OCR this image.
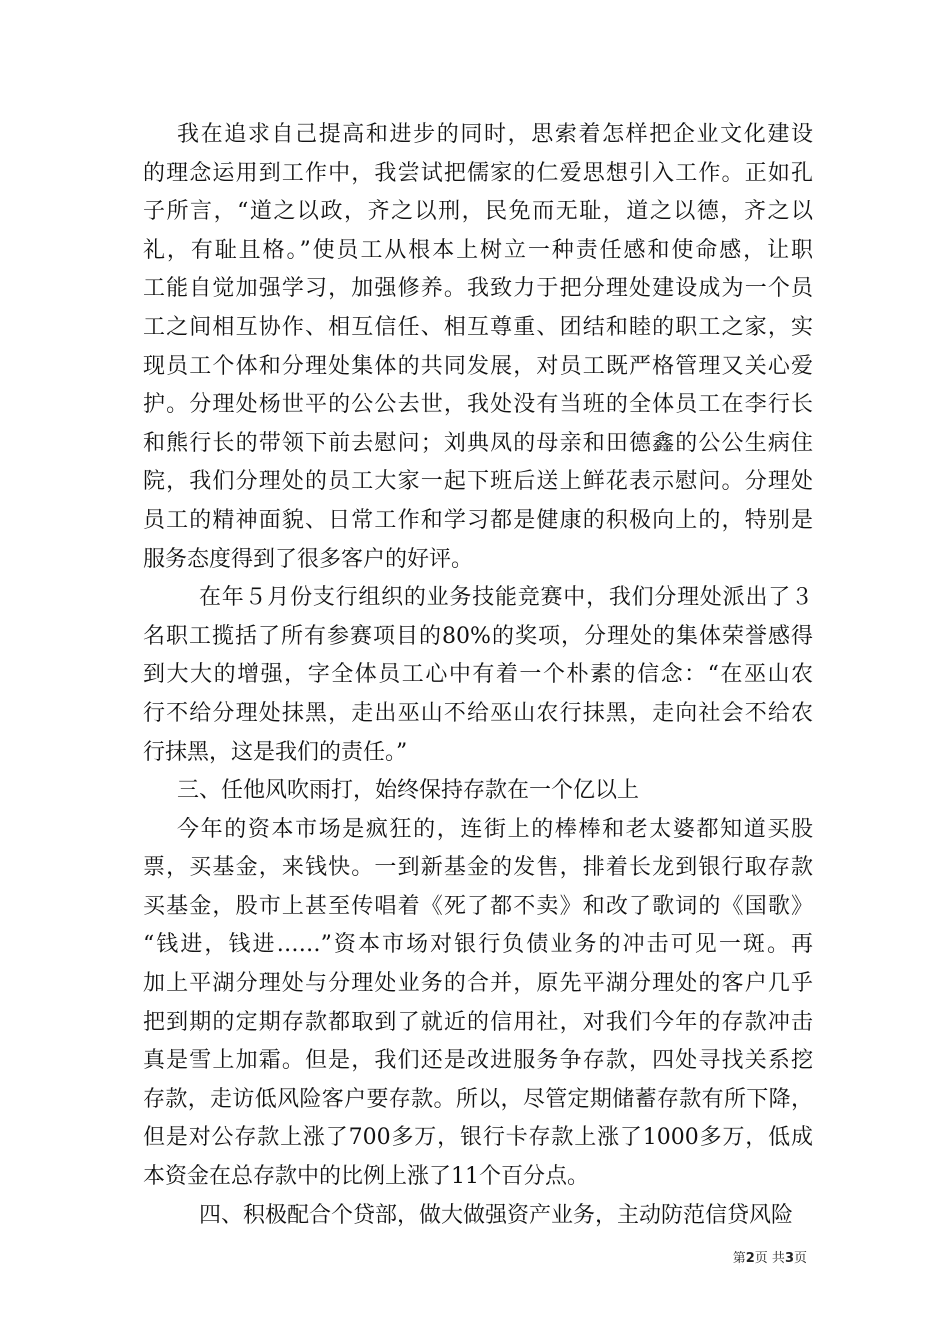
我在追求自己提高和进步的同时，思索着怎样把企业文化建设
的理念运用到工作中，我尝试把儒家的仁爱思想引入工作。正如孔
子所言，“道之以政，齐之以刑，民免而无耻，道之以德，齐之以
礼，有耻且格。”使员工从根本上树立一种责任感和使命感，让职
工能自觉加强学习，加强修养。我致力于把分理处建设成为一个员
工之间相互协作、相互信任、相互尊重、团结和睦的职工之家，实
现员工个体和分理处集体的共同发展，对员工既严格管理又关心爱
护。分理处杨世平的公公去世，我处没有当班的全体员工在李行长
和熊行长的带领下前去慰问；刘典凤的母亲和田德鑫的公公生病住
院，我们分理处的员工大家一起下班后送上鲜花表示慰问。分理处
员工的精神面貌、日常工作和学习都是健康的积极向上的，特别是
服务态度得到了很多客户的好评。
在年５月份支行组织的业务技能竞赛中，我们分理处派出了３
名职工揽括了所有参赛项目的80%的奖项，分理处的集体荣誉感得
到大大的增强，字全体员工心中有着一个朴素的信念：“在巫山农
行不给分理处抹黑，走出巫山不给巫山农行抹黑，走向社会不给农
行抹黑，这是我们的责任。”
三、任他风吹雨打，始终保持存款在一个亿以上
今年的资本市场是疯狂的，连街上的棒棒和老太婆都知道买股
票，买基金，来钱快。一到新基金的发售，排着长龙到银行取存款
买基金，股市上甚至传唱着《死了都不卖》和改了歌词的《国歌》
“钱进，钱进……”资本市场对银行负债业务的冲击可见一斑。再
加上平湖分理处与分理处业务的合并，原先平湖分理处的客户几乎
把到期的定期存款都取到了就近的信用社，对我们今年的存款冲击
真是雪上加霜。但是，我们还是改进服务争存款，四处寻找关系挖
存款，走访低风险客户要存款。所以，尽管定期储蓄存款有所下降，
但是对公存款上涨了700多万，银行卡存款上涨了1000多万，低成
本资金在总存款中的比例上涨了11个百分点。
四、积极配合个贷部，做大做强资产业务，主动防范信贷风险
第2页 共3页
